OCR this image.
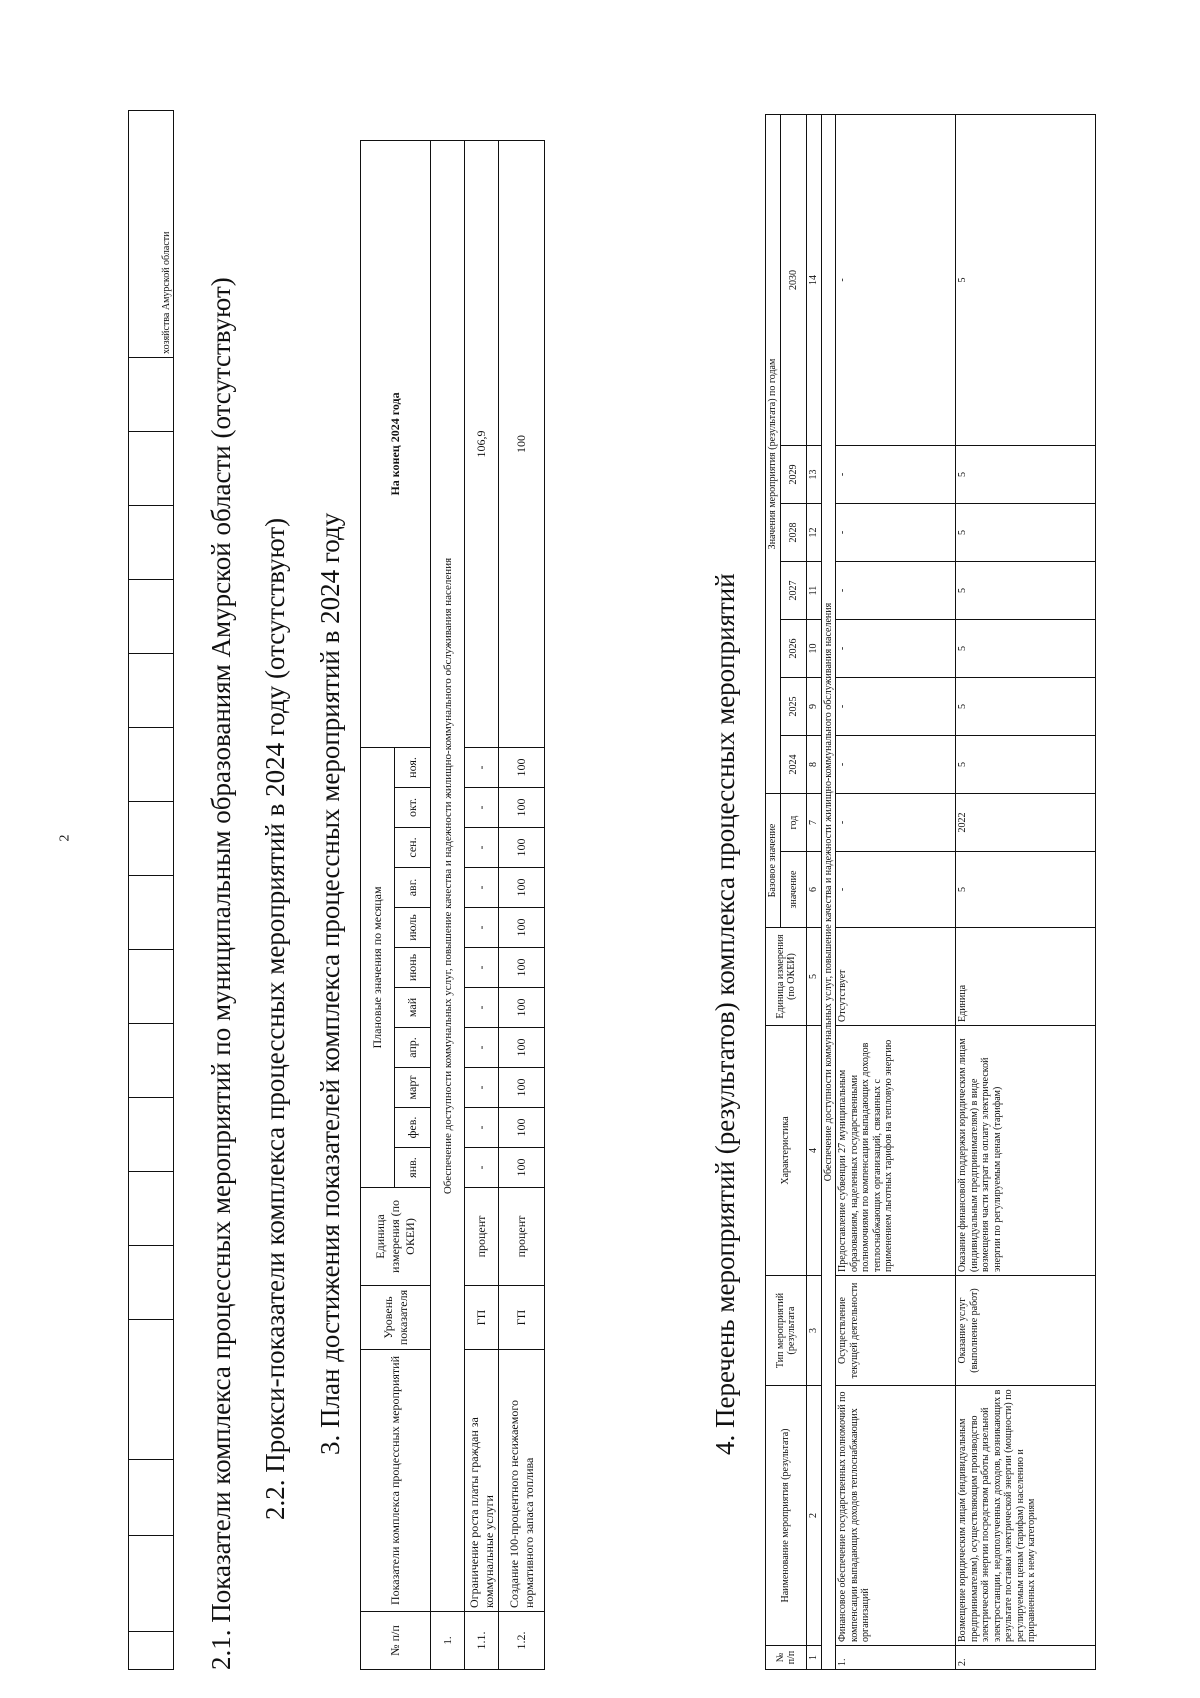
2
																	хозяйства Амурской области 2.1. Показатели комплекса процессных мероприятий по муниципальным образованиям Амурской области (отсутствуют) 2.2. Прокси-показатели комплекса процессных мероприятий в 2024 году (отсутствуют) 3. План достижения показателей комплекса процессных мероприятий в 2024 году
№ п/п	Показатели комплекса процессных мероприятий	Уровень показателя	Единица измерения (по ОКЕИ)	Плановые значения по месяцам											На конец 2024 года
				янв.	фев.	март	апр.	май	июнь	июль	авг.	сен.	окт.	ноя.	
1.	Обеспечение доступности коммунальных услуг, повышение качества и надежности жилищно-коммунального обслуживания населения														
1.1.	Ограничение роста платы граждан за коммунальные услуги	ГП	процент	-	-	-	-	-	-	-	-	-	-	-	106,9
1.2.	Создание 100-процентного несижаемого нормативного запаса топлива	ГП	процент	100	100	100	100	100	100	100	100	100	100	100	100
4. Перечень мероприятий (результатов) комплекса процессных мероприятий
№ п/п	Наименование мероприятия (результата)	Тип мероприятий (результата	Характеристика	Единица измерения (по ОКЕИ)	Базовое значение		Значения мероприятия (результата) по годам						
					значение	год	2024	2025	2026	2027	2028	2029	2030
1	2	3	4	5	6	7	8	9	10	11	12	13	14
Обеспечение доступности коммунальных услуг, повышение качества и надежности жилищно-коммунального обслуживания населения													
1.	Финансовое обеспечение государственных полномочий по компенсации выпадающих доходов теплоснабжающих организаций	Осуществление текущей деятельности	Предоставление субвенции 27 муниципальным образованиям, наделенных государственными полномочиями по компенсации выпадающих доходов теплоснабжающих организаций, связанных с применением льготных тарифов на тепловую энергию	Отсутствует	-	-	-	-	-	-	-	-	-
2.	Возмещение юридическим лицам (индивидуальным предпринимателям), осуществляющим производство электрической энергии посредством работы дизельной электростанции, недополученных доходов, возникающих в результате поставки электрической энергии (мощности) по регулируемым ценам (тарифам) населению и приравненных к нему категориям	Оказание услуг (выполнение работ)	Оказание финансовой поддержки юридическим лицам (индивидуальным предпринимателям) в виде возмещения части затрат на оплату электрической энергии по регулируемым ценам (тарифам)	Единица	5	2022	5	5	5	5	5	5	5
